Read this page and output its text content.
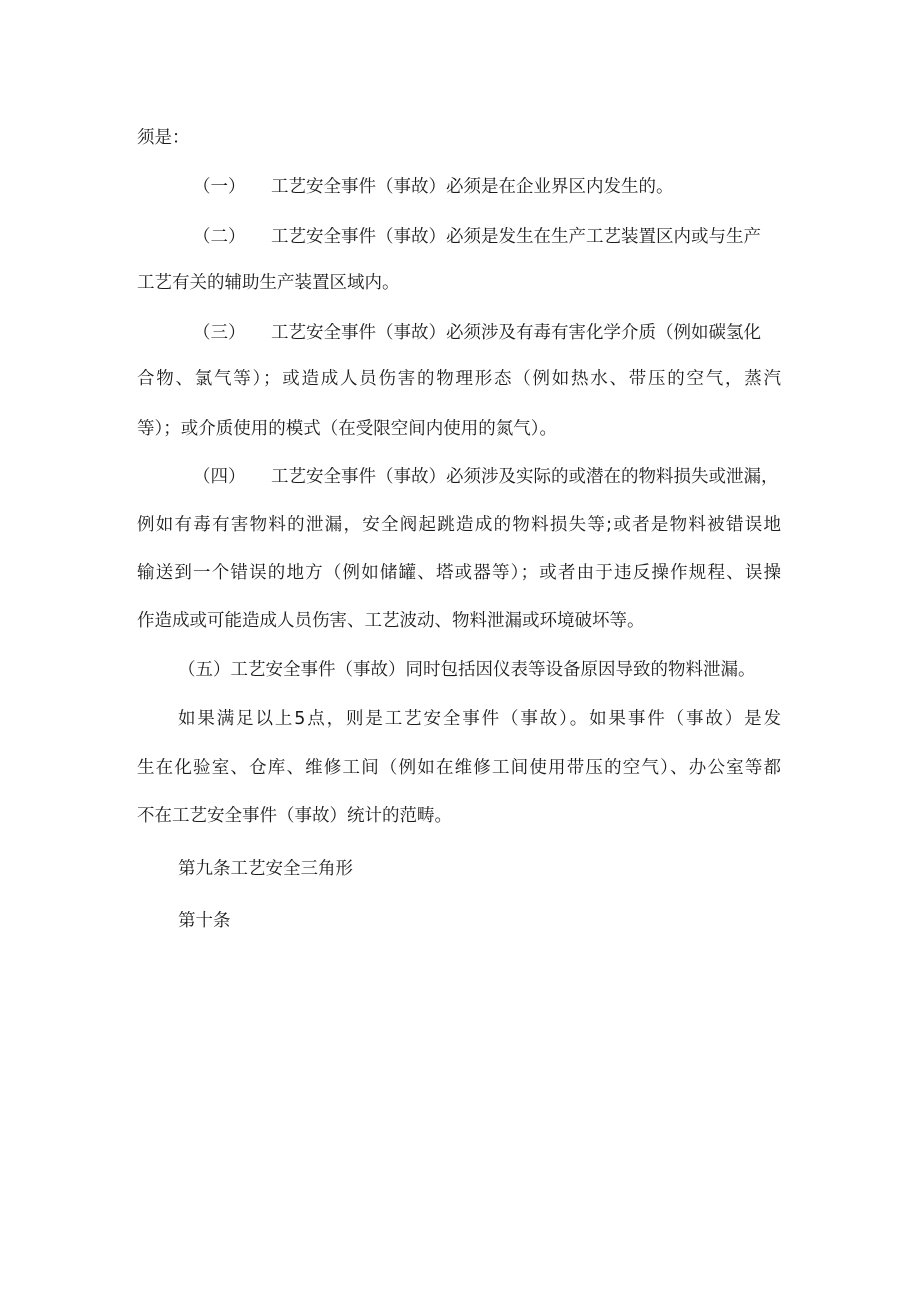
须是：

（一） 工艺安全事件（事故）必须是在企业界区内发生的。

（二） 工艺安全事件（事故）必须是发生在生产工艺装置区内或与生产

工艺有关的辅助生产装置区域内。

（三） 工艺安全事件（事故）必须涉及有毒有害化学介质（例如碳氢化

合物、氯气等）；或造成人员伤害的物理形态（例如热水、带压的空气，蒸汽

等）；或介质使用的模式（在受限空间内使用的氮气）。

（四） 工艺安全事件（事故）必须涉及实际的或潜在的物料损失或泄漏，

例如有毒有害物料的泄漏，安全阀起跳造成的物料损失等;或者是物料被错误地

输送到一个错误的地方（例如储罐、塔或器等）；或者由于违反操作规程、误操

作造成或可能造成人员伤害、工艺波动、物料泄漏或环境破坏等。

（五）工艺安全事件（事故）同时包括因仪表等设备原因导致的物料泄漏。

如果满足以上5点，则是工艺安全事件（事故）。如果事件（事故）是发

生在化验室、仓库、维修工间（例如在维修工间使用带压的空气）、办公室等都

不在工艺安全事件（事故）统计的范畴。

第九条工艺安全三角形

第十条
